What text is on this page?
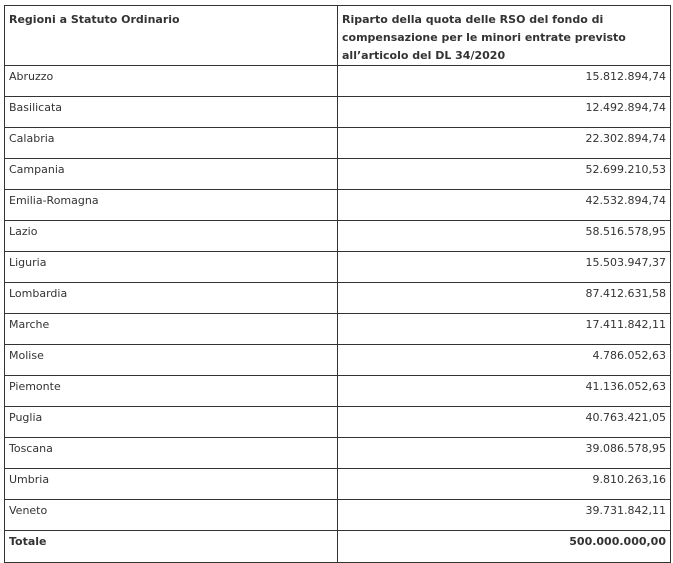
Regioni a Statuto Ordinario	Riparto della quota delle RSO del fondo di compensazione per le minori entrate previsto all’articolo del DL 34/2020
Abruzzo	15.812.894,74
Basilicata	12.492.894,74
Calabria	22.302.894,74
Campania	52.699.210,53
Emilia-Romagna	42.532.894,74
Lazio	58.516.578,95
Liguria	15.503.947,37
Lombardia	87.412.631,58
Marche	17.411.842,11
Molise	4.786.052,63
Piemonte	41.136.052,63
Puglia	40.763.421,05
Toscana	39.086.578,95
Umbria	9.810.263,16
Veneto	39.731.842,11
Totale	500.000.000,00
